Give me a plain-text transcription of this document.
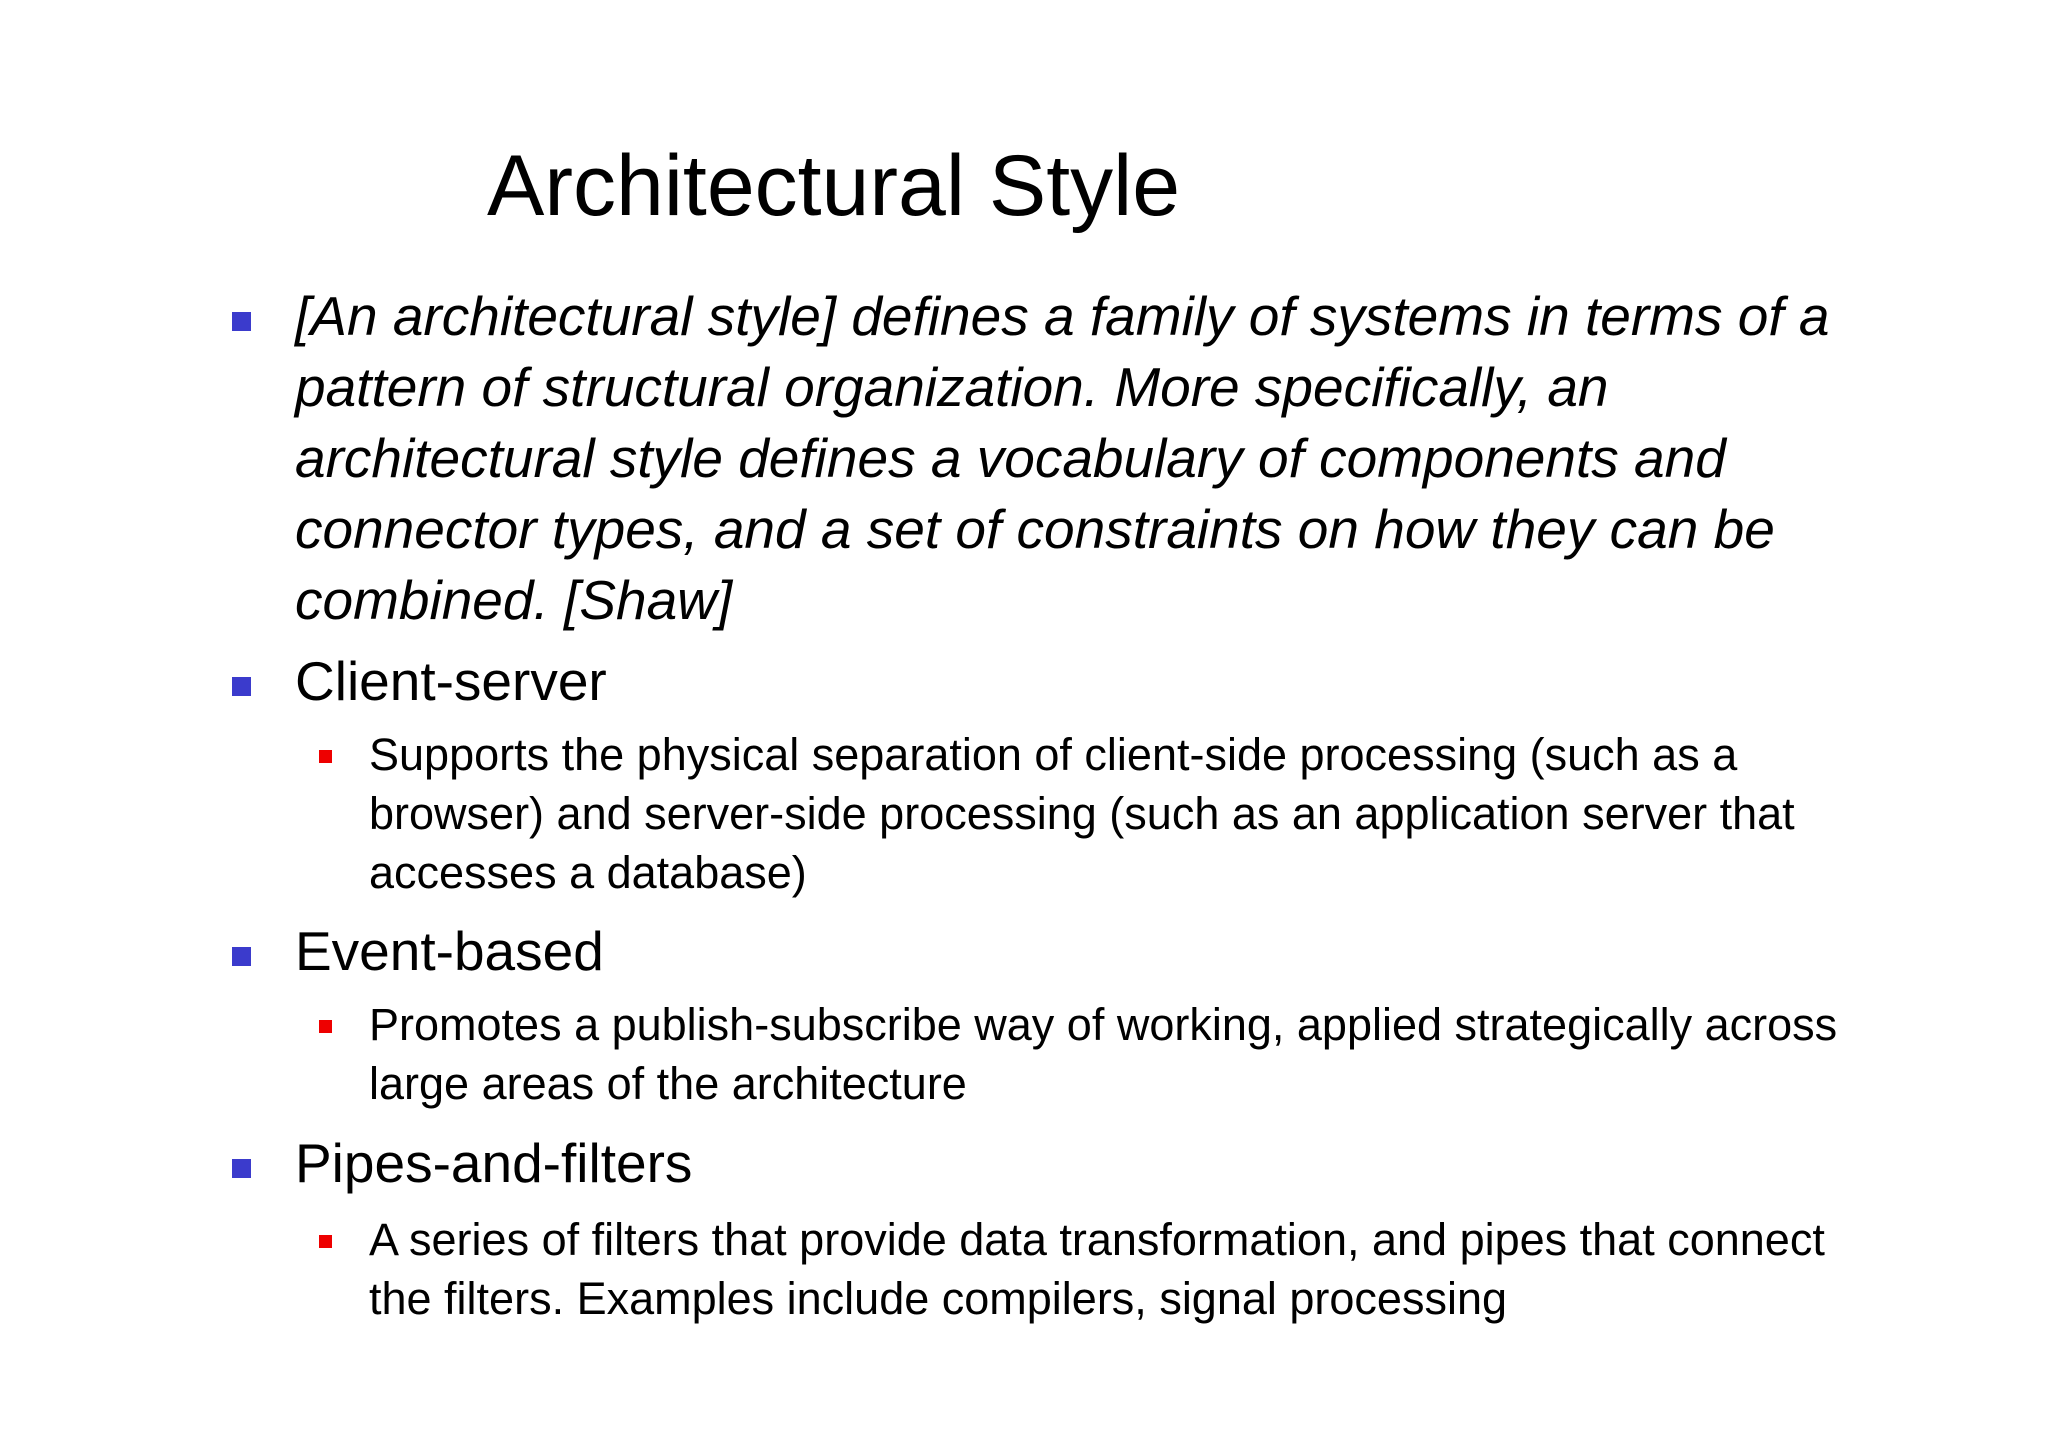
Architectural Style
[An architectural style] defines a family of systems in terms of a pattern of structural organization. More specifically, an architectural style defines a vocabulary of components and connector types, and a set of constraints on how they can be combined. [Shaw]
Client-server
Supports the physical separation of client-side processing (such as a browser) and server-side processing (such as an application server that accesses a database)
Event-based
Promotes a publish-subscribe way of working, applied strategically across large areas of the architecture
Pipes-and-filters
A series of filters that provide data transformation, and pipes that connect the filters. Examples include compilers, signal processing
